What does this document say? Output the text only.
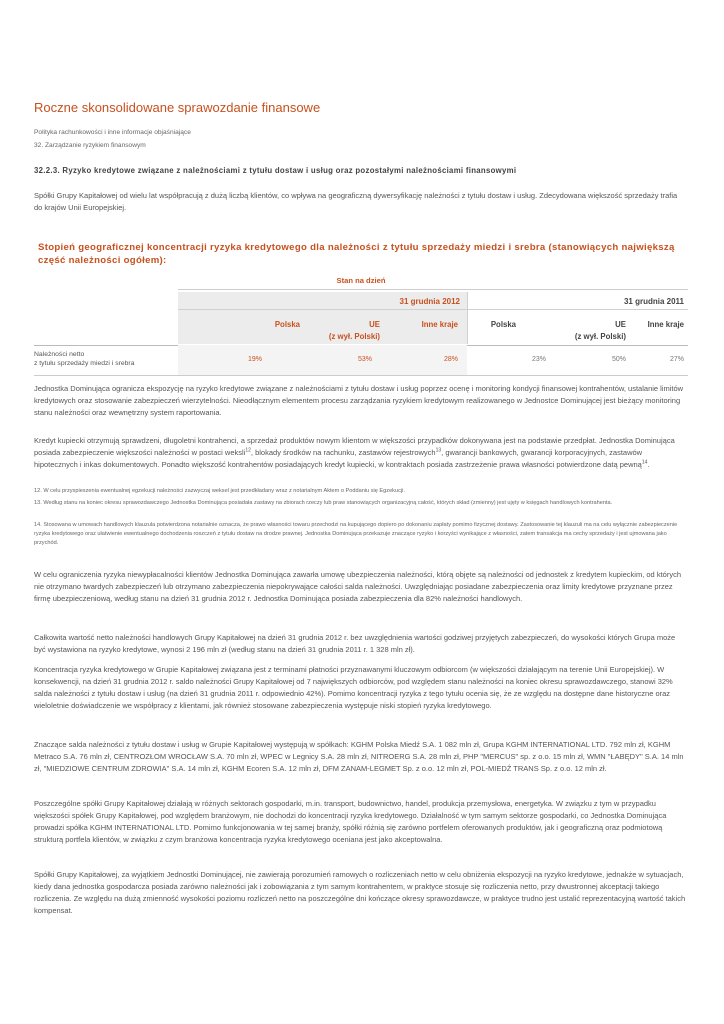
Roczne skonsolidowane sprawozdanie finansowe
Polityka rachunkowości i inne informacje objaśniające
32. Zarządzanie ryzykiem finansowym
32.2.3. Ryzyko kredytowe związane z należnościami z tytułu dostaw i usług oraz pozostałymi należnościami finansowymi
Spółki Grupy Kapitałowej od wielu lat współpracują z dużą liczbą klientów, co wpływa na geograficzną dywersyfikację należności z tytułu dostaw i usług. Zdecydowana większość sprzedaży trafia do krajów Unii Europejskiej.
Stopień geograficznej koncentracji ryzyka kredytowego dla należności z tytułu sprzedaży miedzi i srebra (stanowiących największą część należności ogółem):
Stan na dzień
31 grudnia 2012	31 grudnia 2011
Polska	UE
(z wył. Polski)
Inne kraje	Polska	UE
(z wył. Polski)
Inne kraje
Należności netto
z tytułu sprzedaży miedzi i srebra
19%	53%	28%	23%	50%	27%
Jednostka Dominująca ogranicza ekspozycję na ryzyko kredytowe związane z należnościami z tytułu dostaw i usług poprzez ocenę i monitoring kondycji finansowej kontrahentów, ustalanie limitów kredytowych oraz stosowanie zabezpieczeń wierzytelności. Nieodłącznym elementem procesu zarządzania ryzykiem kredytowym realizowanego w Jednostce Dominującej jest bieżący monitoring stanu należności oraz wewnętrzny system raportowania.
Kredyt kupiecki otrzymują sprawdzeni, długoletni kontrahenci, a sprzedaż produktów nowym klientom w większości przypadków dokonywana jest na podstawie przedpłat. Jednostka Dominująca posiada zabezpieczenie większości należności w postaci weksli$^{12}$, blokady środków na rachunku, zastawów rejestrowych$^{13}$, gwarancji bankowych, gwarancji korporacyjnych, zastawów hipotecznych i inkas dokumentowych. Ponadto większość kontrahentów posiadających kredyt kupiecki, w kontraktach posiada zastrzeżenie prawa własności potwierdzone datą pewną$^{14}$.
12. W celu przyspieszenia ewentualnej egzekucji należności zazwyczaj weksel jest przedkładany wraz z notarialnym Aktem o Poddaniu się Egzekucji.
13. Według stanu na koniec okresu sprawozdawczego Jednostka Dominująca posiadała zastawy na zbiorach rzeczy lub praw stanowiących organizacyjną całość, których skład (zmienny) jest ujęty w księgach handlowych kontrahenta.
14. Stosowana w umowach handlowych klauzula potwierdzona notarialnie oznacza, że prawo własności towaru przechodzi na kupującego dopiero po dokonaniu zapłaty pomimo fizycznej dostawy. Zastosowanie tej klauzuli ma na celu wyłącznie zabezpieczenie ryzyka kredytowego oraz ułatwienie ewentualnego dochodzenia roszczeń z tytułu dostaw na drodze prawnej. Jednostka Dominująca przekazuje znaczące ryzyko i korzyści wynikające z własności, zatem transakcja ma cechy sprzedaży i jest ujmowana jako przychód.
W celu ograniczenia ryzyka niewypłacalności klientów Jednostka Dominująca zawarła umowę ubezpieczenia należności, którą objęte są należności od jednostek z kredytem kupieckim, od których nie otrzymano twardych zabezpieczeń lub otrzymano zabezpieczenia niepokrywające całości salda należności. Uwzględniając posiadane zabezpieczenia oraz limity kredytowe przyznane przez firmę ubezpieczeniową, według stanu na dzień 31 grudnia 2012 r. Jednostka Dominująca posiada zabezpieczenia dla 82% należności handlowych.
Całkowita wartość netto należności handlowych Grupy Kapitałowej na dzień 31 grudnia 2012 r. bez uwzględnienia wartości godziwej przyjętych zabezpieczeń, do wysokości których Grupa może być wystawiona na ryzyko kredytowe, wynosi 2 196 mln zł (według stanu na dzień 31 grudnia 2011 r. 1 328 mln zł).
Koncentracja ryzyka kredytowego w Grupie Kapitałowej związana jest z terminami płatności przyznawanymi kluczowym odbiorcom (w większości działającym na terenie Unii Europejskiej). W konsekwencji, na dzień 31 grudnia 2012 r. saldo należności Grupy Kapitałowej od 7 największych odbiorców, pod względem stanu należności na koniec okresu sprawozdawczego, stanowi 32% salda należności z tytułu dostaw i usług (na dzień 31 grudnia 2011 r. odpowiednio 42%). Pomimo koncentracji ryzyka z tego tytułu ocenia się, że ze względu na dostępne dane historyczne oraz wieloletnie doświadczenie we współpracy z klientami, jak również stosowane zabezpieczenia występuje niski stopień ryzyka kredytowego.
Znaczące salda należności z tytułu dostaw i usług w Grupie Kapitałowej występują w spółkach: KGHM Polska Miedź S.A. 1 082 mln zł, Grupa KGHM INTERNATIONAL LTD. 792 mln zł, KGHM Metraco S.A. 76 mln zł, CENTROZŁOM WROCŁAW S.A. 70 mln zł, WPEC w Legnicy S.A. 28 mln zł, NITROERG S.A. 28 mln zł, PHP "MERCUS" sp. z o.o. 15 mln zł, WMN "ŁABĘDY" S.A. 14 mln zł, "MIEDZIOWE CENTRUM ZDROWIA" S.A. 14 mln zł, KGHM Ecoren S.A. 12 mln zł, DFM ZANAM-LEGMET Sp. z o.o. 12 mln zł, POL-MIEDŹ TRANS Sp. z o.o. 12 mln zł.
Poszczególne spółki Grupy Kapitałowej działają w różnych sektorach gospodarki, m.in. transport, budownictwo, handel, produkcja przemysłowa, energetyka. W związku z tym w przypadku większości spółek Grupy Kapitałowej, pod względem branżowym, nie dochodzi do koncentracji ryzyka kredytowego. Działalność w tym samym sektorze gospodarki, co Jednostka Dominująca prowadzi spółka KGHM INTERNATIONAL LTD. Pomimo funkcjonowania w tej samej branży, spółki różnią się zarówno portfelem oferowanych produktów, jak i geograficzną oraz podmiotową strukturą portfela klientów, w związku z czym branżowa koncentracja ryzyka kredytowego oceniana jest jako akceptowalna.
Spółki Grupy Kapitałowej, za wyjątkiem Jednostki Dominującej, nie zawierają porozumień ramowych o rozliczeniach netto w celu obniżenia ekspozycji na ryzyko kredytowe, jednakże w sytuacjach, kiedy dana jednostka gospodarcza posiada zarówno należności jak i zobowiązania z tym samym kontrahentem, w praktyce stosuje się rozliczenia netto, przy dwustronnej akceptacji takiego rozliczenia. Ze względu na dużą zmienność wysokości poziomu rozliczeń netto na poszczególne dni kończące okresy sprawozdawcze, w praktyce trudno jest ustalić reprezentacyjną wartość takich kompensat.
